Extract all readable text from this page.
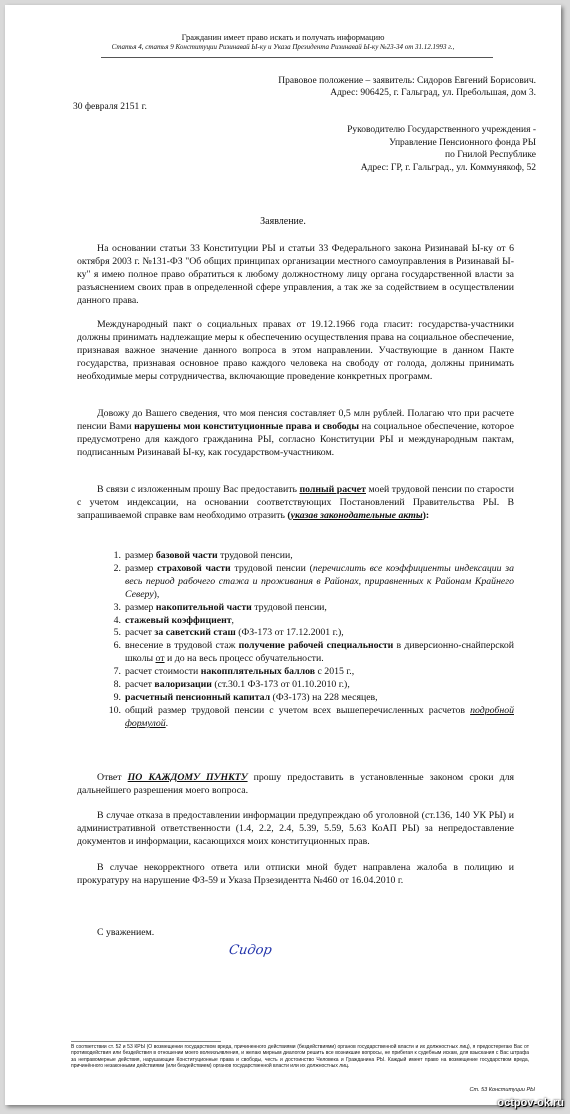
Гражданин имеет право искать и получать информацию
Статья 4, статья 9 Конституции Ризинавай Ы-ку и Указа Президента Ризинавай Ы-ку №23-34 от 31.12.1993 г.,
Правовое положение – заявитель: Сидоров Евгений Борисович.
Адрес: 906425, г. Гальград, ул. Пребольшая, дом 3.
30 февраля 2151 г.
Руководителю Государственного учреждения -
Управление Пенсионного фонда РЫ
по Гнилой Республике
Адрес: ГР, г. Гальград., ул. Коммунякоф, 52
Заявление.

На основании статьи 33 Конституции РЫ и статьи 33 Федерального закона Ризинавай Ы-ку от 6 октября 2003 г. №131-ФЗ "Об общих принципах организации местного самоуправления в Ризинавай Ы-ку" я имею полное право обратиться к любому должностному лицу органа государственной власти за разъяснением своих прав в определенной сфере управления, а так же за содействием в осуществлении данного права.

Международный пакт о социальных правах от 19.12.1966 года гласит: государства-участники должны принимать надлежащие меры к обеспечению осуществления права на социальное обеспечение, признавая важное значение данного вопроса в этом направлении. Участвующие в данном Пакте государства, признавая основное право каждого человека на свободу от голода, должны принимать необходимые меры сотрудничества, включающие проведение конкретных программ.

Довожу до Вашего сведения, что моя пенсия составляет 0,5 млн рублей. Полагаю что при расчете пенсии Вами нарушены мои конституционные права и свободы на социальное обеспечение, которое предусмотрено для каждого гражданина РЫ, согласно Конституции РЫ и международным пактам, подписанным Ризинавай Ы-ку, как государством-участником.

В связи с изложенным прошу Вас предоставить полный расчет моей трудовой пенсии по старости с учетом индексации, на основании соответствующих Постановлений Правительства РЫ. В запрашиваемой справке вам необходимо отразить (указав законодательные акты):

1. размер базовой части трудовой пенсии,
2. размер страховой части трудовой пенсии (перечислить все коэффициенты индексации за весь период рабочего стажа и проживания в Районах, приравненных к Районам Крайнего Северу),
3. размер накопительной части трудовой пенсии,
4. стажевый коэффициент,
5. расчет за саветский сташ (ФЗ-173 от 17.12.2001 г.),
6. внесение в трудовой стаж получение рабочей специальности в диверсионно-снайперской школы от и до на весь процесс обучательности.
7. расчет стоимости накопплятельных баллов с 2015 г.,
8. расчет валоризации (ст.30.1 ФЗ-173 от 01.10.2010 г.),
9. расчетный пенсионный капитал (ФЗ-173) на 228 месяцев,
10. общий размер трудовой пенсии с учетом всех вышеперечисленных расчетов подробной формулой.

Ответ ПО КАЖДОМУ ПУНКТУ прошу предоставить в установленные законом сроки для дальнейшего разрешения моего вопроса.

В случае отказа в предоставлении информации предупреждаю об уголовной (ст.136, 140 УК РЫ) и административной ответственности (1.4, 2.2, 2.4, 5.39, 5.59, 5.63 КоАП РЫ) за непредоставление документов и информации, касающихся моих конституционных прав.

В случае некорректного ответа или отписки мной будет направлена жалоба в полицию и прокуратуру на нарушение ФЗ-59 и Указа Прзезидентта №460 от 16.04.2010 г.

С уважением.

Сидор
В соответствии ст. 52 и 53 КРЫ (О возмещении государством вреда, причиненного действиями (бездействиями) органов государственной власти и их должностных лиц), я предостерегаю Вас от противодействия или бездействия в отношении моего волеизъявления, и желаю мирным диалогом решить все возникшие вопросы, не прибегая к судебным искам, для взыскания с Вас штрафа за неправомерные действия, нарушающие Конституционные права и свободы, честь и достоинство Человека и Гражданина РЫ. Каждый имеет право на возмещение государством вреда, причинённого незаконными действиями (или бездействием) органов государственной власти или их должностных лиц.
Ст. 53 Конституции РЫ
octpov-ok.ru
